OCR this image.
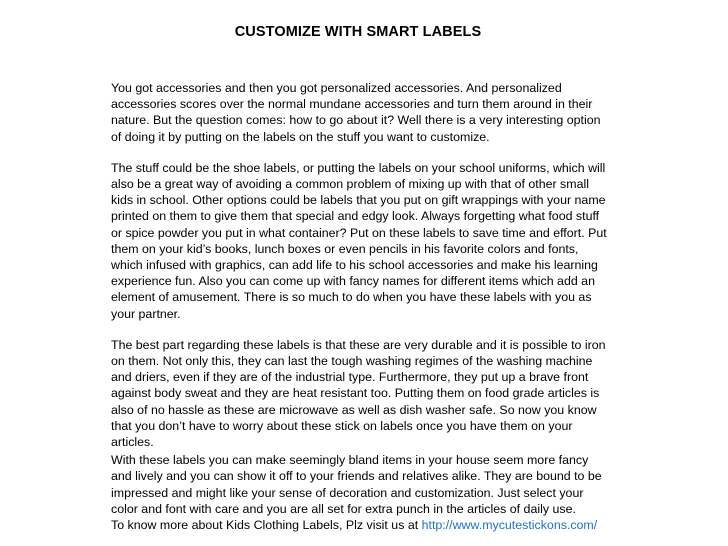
CUSTOMIZE WITH SMART LABELS

You got accessories and then you got personalized accessories. And personalized accessories scores over the normal mundane accessories and turn them around in their nature. But the question comes: how to go about it? Well there is a very interesting option of doing it by putting on the labels on the stuff you want to customize.

The stuff could be the shoe labels, or putting the labels on your school uniforms, which will also be a great way of avoiding a common problem of mixing up with that of other small kids in school. Other options could be labels that you put on gift wrappings with your name printed on them to give them that special and edgy look. Always forgetting what food stuff or spice powder you put in what container? Put on these labels to save time and effort. Put them on your kid’s books, lunch boxes or even pencils in his favorite colors and fonts, which infused with graphics, can add life to his school accessories and make his learning experience fun. Also you can come up with fancy names for different items which add an element of amusement. There is so much to do when you have these labels with you as your partner.

The best part regarding these labels is that these are very durable and it is possible to iron on them. Not only this, they can last the tough washing regimes of the washing machine and driers, even if they are of the industrial type. Furthermore, they put up a brave front against body sweat and they are heat resistant too. Putting them on food grade articles is also of no hassle as these are microwave as well as dish washer safe. So now you know that you don’t have to worry about these stick on labels once you have them on your articles.

With these labels you can make seemingly bland items in your house seem more fancy and lively and you can show it off to your friends and relatives alike. They are bound to be impressed and might like your sense of decoration and customization. Just select your color and font with care and you are all set for extra punch in the articles of daily use.

To know more about Kids Clothing Labels, Plz visit us at http://www.mycutestickons.com/
